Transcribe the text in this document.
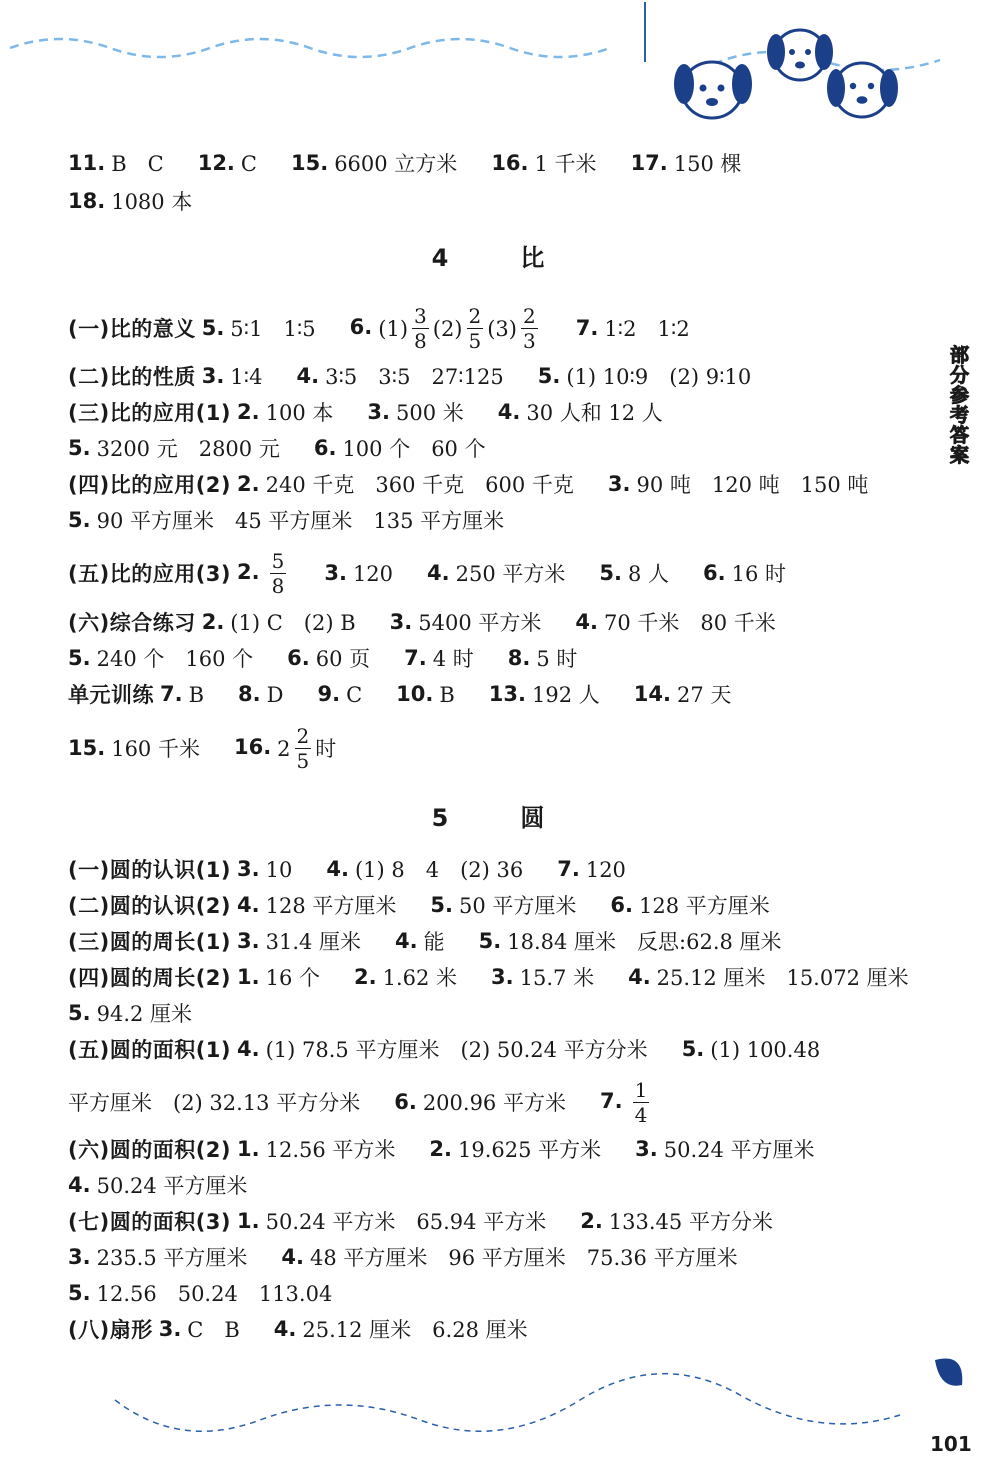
部分参考答案
101
11. B　C 12. C 15. 6600 立方米 16. 1 千米 17. 150 棵
18. 1080 本
4　比
(一)比的意义 5. 5∶1　1∶5 6. $(1) \frac{3}{8} (2) \frac{2}{5} (3) \frac{2}{3} 7$. 1∶2　1∶2
(二)比的性质 3. 1∶4 4. 3∶5　3∶5　27∶125 5. (1) 10∶9　(2) 9∶10
(三)比的应用(1) 2. 100 本 3. 500 米 4. 30 人和 12 人
5. 3200 元　2800 元 6. 100 个　60 个
(四)比的应用(2) 2. 240 千克　360 千克　600 千克 3. 90 吨　120 吨　150 吨
5. 90 平方厘米　45 平方厘米　135 平方厘米
(五)比的应用(3) 2. $\frac{5}{8} 3$. 120 4. 250 平方米 5. 8 人 6. 16 时
(六)综合练习 2. (1) C　(2) B 3. 5400 平方米 4. 70 千米　80 千米
5. 240 个　160 个 6. 60 页 7. 4 时 8. 5 时
单元训练 7. B 8. D 9. C 10. B 13. 192 人 14. 27 天
15. 160 千米 16. $2 \frac{2}{5}$ 时
5　圆
(一)圆的认识(1) 3. 10 4. (1) 8　4　(2) 36 7. 120
(二)圆的认识(2) 4. 128 平方厘米 5. 50 平方厘米 6. 128 平方厘米
(三)圆的周长(1) 3. 31.4 厘米 4. 能 5. 18.84 厘米　反思:62.8 厘米
(四)圆的周长(2) 1. 16 个 2. 1.62 米 3. 15.7 米 4. 25.12 厘米　15.072 厘米
5. 94.2 厘米
(五)圆的面积(1) 4. (1) 78.5 平方厘米　(2) 50.24 平方分米 5. (1) 100.48
平方厘米　(2) 32.13 平方分米 6. 200.96 平方米 7. $\frac{1}{4}$
(六)圆的面积(2) 1. 12.56 平方米 2. 19.625 平方米 3. 50.24 平方厘米
4. 50.24 平方厘米
(七)圆的面积(3) 1. 50.24 平方米　65.94 平方米 2. 133.45 平方分米
3. 235.5 平方厘米 4. 48 平方厘米　96 平方厘米　75.36 平方厘米
5. 12.56　50.24　113.04
(八)扇形 3. C　B 4. 25.12 厘米　6.28 厘米
